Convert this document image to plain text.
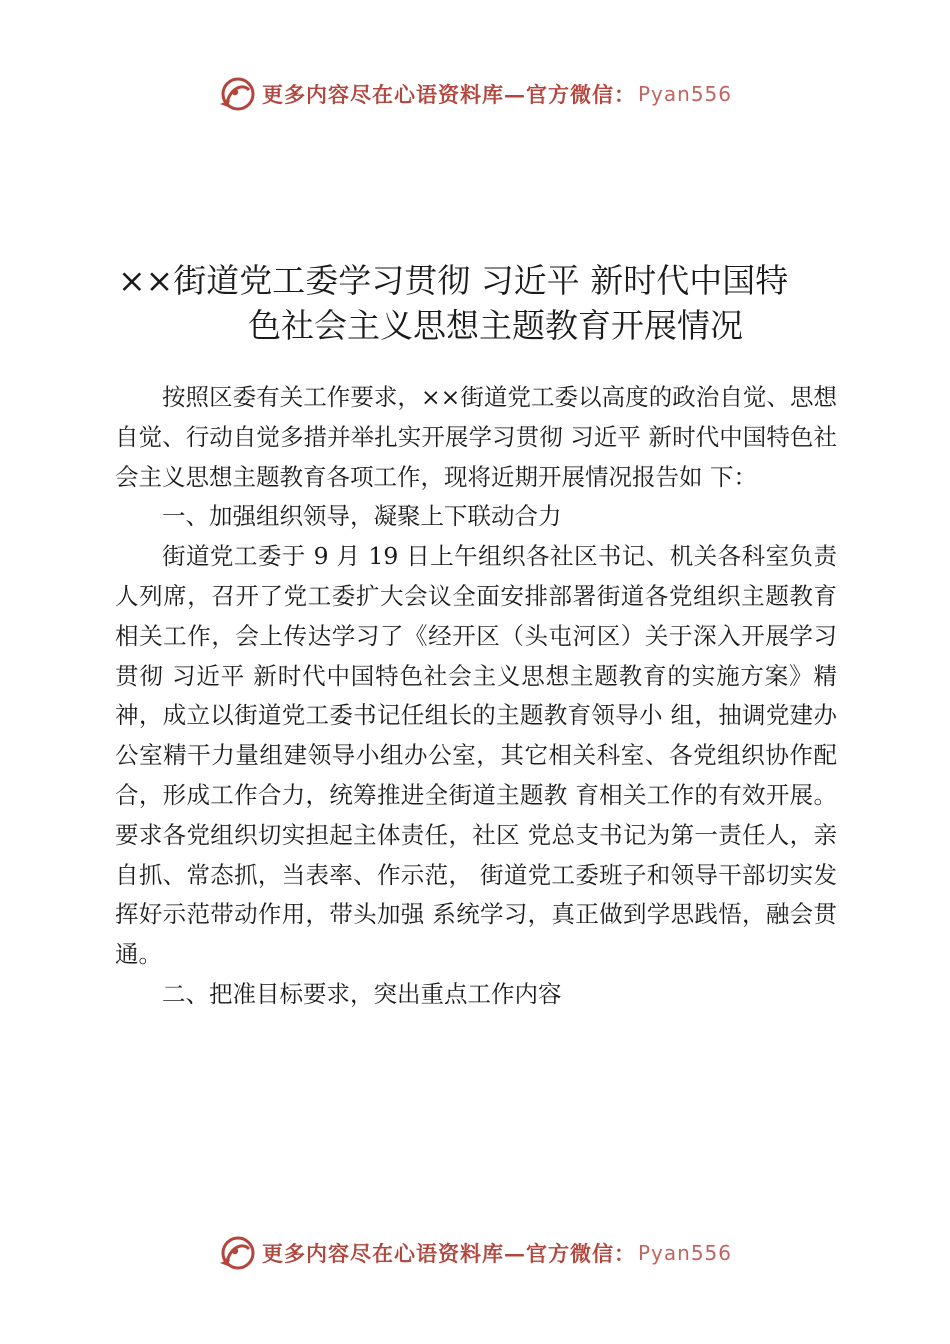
更多内容尽在心语资料库—官方微信： Pyan556
××街道党工委学习贯彻 习近平 新时代中国特
色社会主义思想主题教育开展情况

按照区委有关工作要求，××街道党工委以高度的政治自觉、思想自觉、行动自觉多措并举扎实开展学习贯彻 习近平 新时代中国特色社会主义思想主题教育各项工作，现将近期开展情况报告如 下：

一、加强组织领导，凝聚上下联动合力

街道党工委于 9 月 19 日上午组织各社区书记、机关各科室负责人列席，召开了党工委扩大会议全面安排部署街道各党组织主题教育相关工作，会上传达学习了《经开区（头屯河区）关于深入开展学习贯彻 习近平 新时代中国特色社会主义思想主题教育的实施方案》精神，成立以街道党工委书记任组长的主题教育领导小 组，抽调党建办公室精干力量组建领导小组办公室，其它相关科室、各党组织协作配合，形成工作合力，统筹推进全街道主题教 育相关工作的有效开展。要求各党组织切实担起主体责任，社区 党总支书记为第一责任人，亲自抓、常态抓，当表率、作示范， 街道党工委班子和领导干部切实发挥好示范带动作用，带头加强 系统学习，真正做到学思践悟，融会贯通。

二、把准目标要求，突出重点工作内容

更多内容尽在心语资料库—官方微信： Pyan556
